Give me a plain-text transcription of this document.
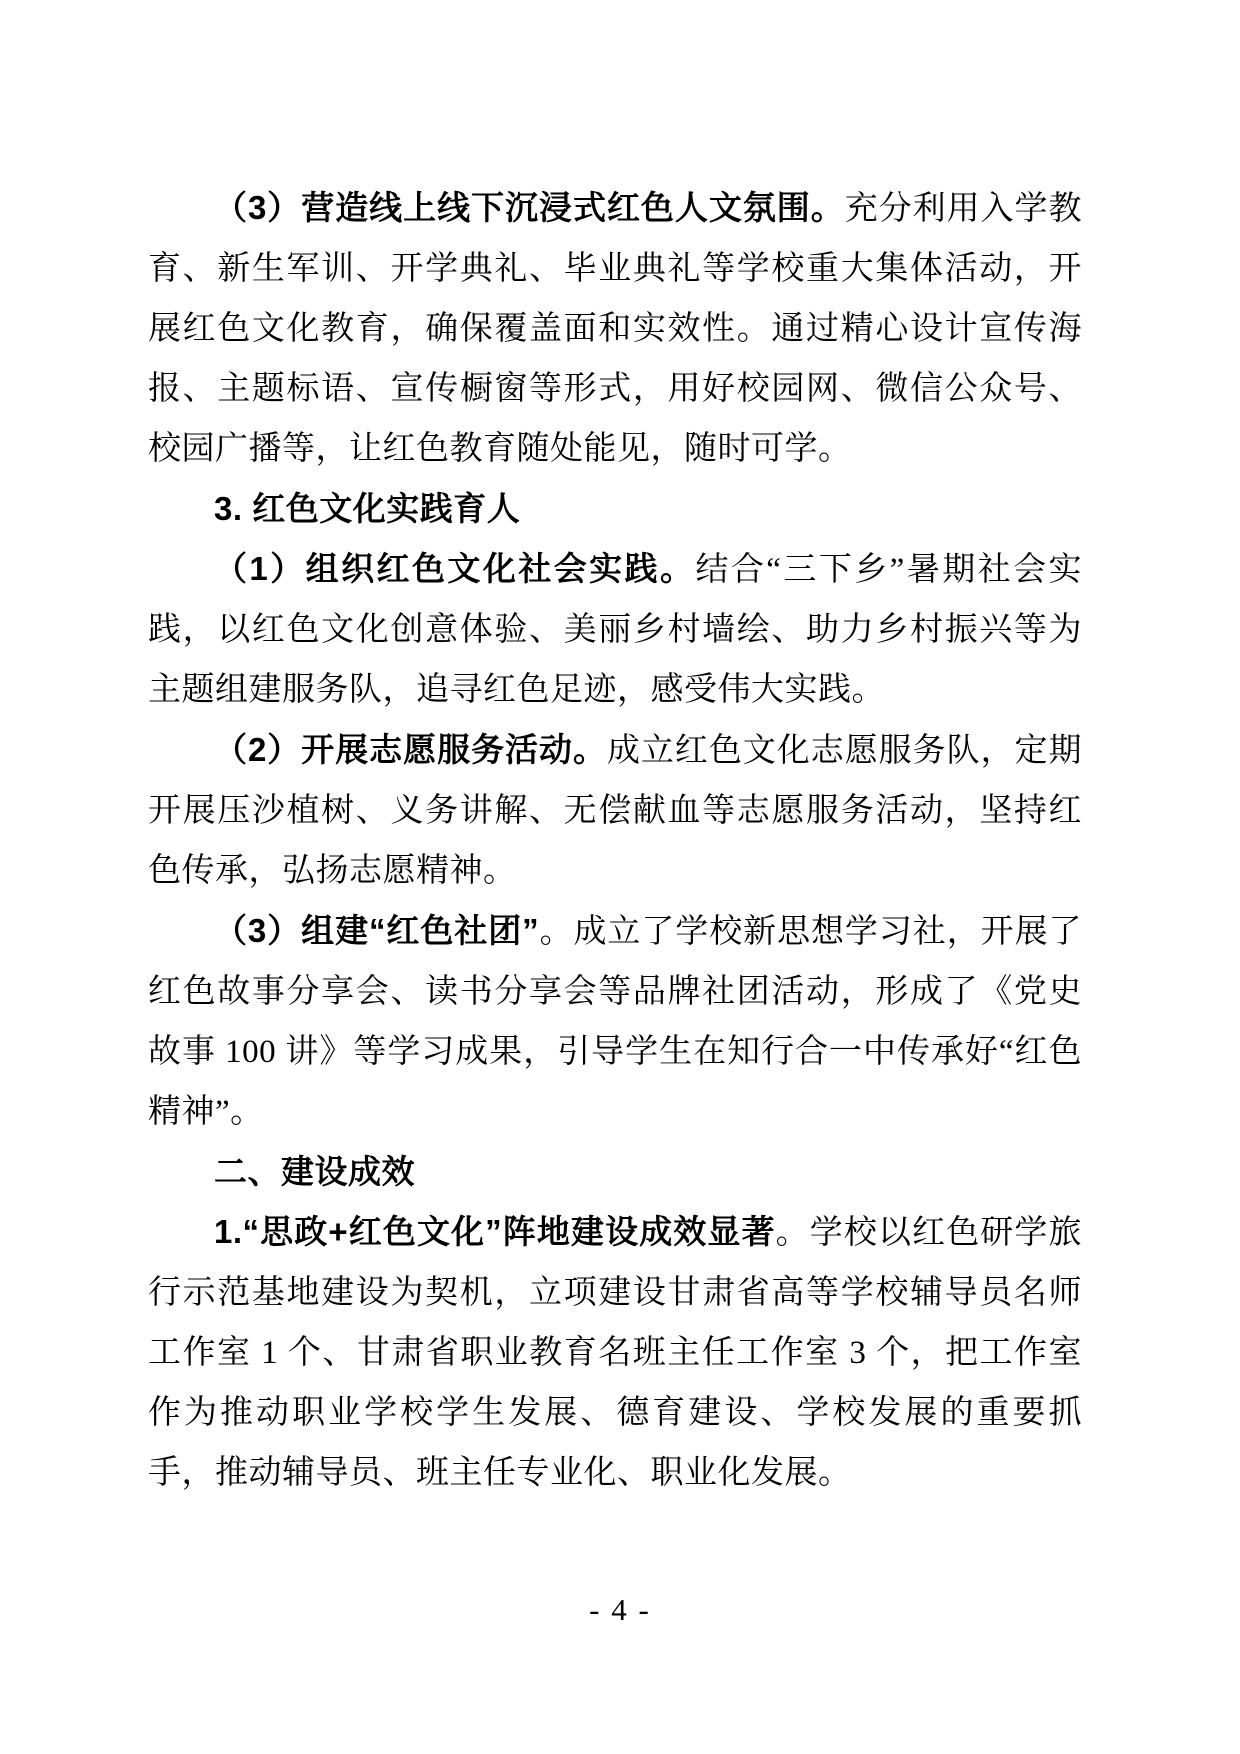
（3）营造线上线下沉浸式红色人文氛围。充分利用入学教育、新生军训、开学典礼、毕业典礼等学校重大集体活动，开展红色文化教育，确保覆盖面和实效性。通过精心设计宣传海报、主题标语、宣传橱窗等形式，用好校园网、微信公众号、校园广播等，让红色教育随处能见，随时可学。

3. 红色文化实践育人

（1）组织红色文化社会实践。结合“三下乡”暑期社会实践，以红色文化创意体验、美丽乡村墙绘、助力乡村振兴等为主题组建服务队，追寻红色足迹，感受伟大实践。

（2）开展志愿服务活动。成立红色文化志愿服务队，定期开展压沙植树、义务讲解、无偿献血等志愿服务活动，坚持红色传承，弘扬志愿精神。

（3）组建“红色社团”。成立了学校新思想学习社，开展了红色故事分享会、读书分享会等品牌社团活动，形成了《党史故事 100 讲》等学习成果，引导学生在知行合一中传承好“红色精神”。

二、建设成效

1.“思政+红色文化”阵地建设成效显著。学校以红色研学旅行示范基地建设为契机，立项建设甘肃省高等学校辅导员名师工作室 1 个、甘肃省职业教育名班主任工作室 3 个，把工作室作为推动职业学校学生发展、德育建设、学校发展的重要抓手，推动辅导员、班主任专业化、职业化发展。

- 4 -
